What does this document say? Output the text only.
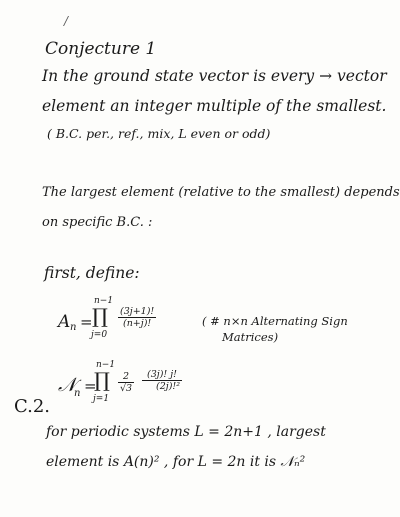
/
Conjecture 1
In the ground state vector is every → vector
element an integer multiple of the smallest.
( B.C. per., ref., mix, L even or odd)
The largest element (relative to the smallest) depends
on specific B.C. :
first, define:
A n =
n−1
∏
j=0
$\frac{(3j+1)!}{(n+j)!}$	( # n×n Alternating Sign
Matrices)
𝒩
n =
n−1
∏
j=1
$\frac{2}{√3} \frac{(3j)! j!}{\text{(2j)!²}}$
C.2.
for periodic systems L = 2n+1 , largest
element is A(n)² , for L = 2n it is 𝒩ₙ²
